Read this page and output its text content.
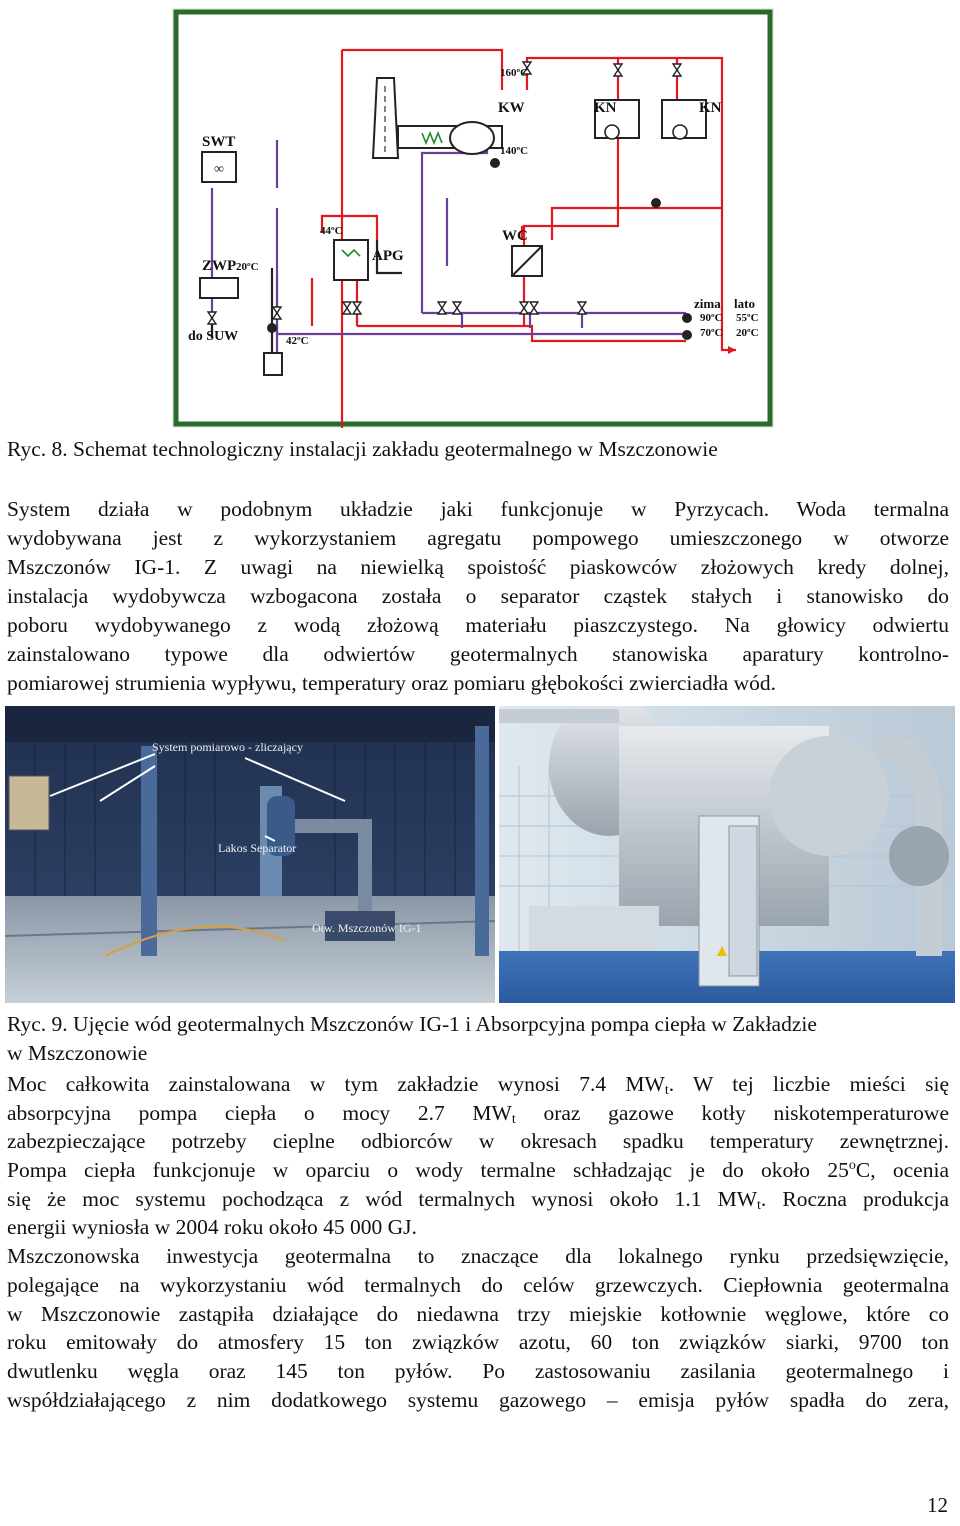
∞
SWT
ZWP 20ºC
do SUW
APG
44ºC
42ºC
KW
160ºC
140ºC
KN	KN
WC
zima lato
90ºC 55ºC
70ºC 20ºC
Ryc. 8. Schemat technologiczny instalacji zakładu geotermalnego w Mszczonowie
System działa w podobnym układzie jaki funkcjonuje w Pyrzycach. Woda termalna
wydobywana jest z wykorzystaniem agregatu pompowego umieszczonego w otworze
Mszczonów IG-1. Z uwagi na niewielką spoistość piaskowców złożowych kredy dolnej,
instalacja wydobywcza wzbogacona została o separator cząstek stałych i stanowisko do
poboru wydobywanego z wodą złożową materiału piaszczystego. Na głowicy odwiertu
zainstalowano typowe dla odwiertów geotermalnych stanowiska aparatury kontrolno-
pomiarowej strumienia wypływu, temperatury oraz pomiaru głębokości zwierciadła wód.
System pomiarowo - zliczający
Lakos Separator
Otw. Mszczonów IG-1
Ryc. 9. Ujęcie wód geotermalnych Mszczonów IG-1 i Absorpcyjna pompa ciepła w Zakładzie
w Mszczonowie
Moc całkowita zainstalowana w tym zakładzie wynosi 7.4 $MW_t$. W tej liczbie mieści się
absorpcyjna pompa ciepła o mocy 2.7 $MW_t$ oraz gazowe kotły niskotemperaturowe
zabezpieczające potrzeby cieplne odbiorców w okresach spadku temperatury zewnętrznej.
Pompa ciepła funkcjonuje w oparciu o wody termalne schładzając je do około 25$^o$C, ocenia
się że moc systemu pochodząca z wód termalnych wynosi około 1.1 $MW_t$. Roczna produkcja
energii wyniosła w 2004 roku około 45 000 GJ.
Mszczonowska inwestycja geotermalna to znaczące dla lokalnego rynku przedsięwzięcie,
polegające na wykorzystaniu wód termalnych do celów grzewczych. Ciepłownia geotermalna
w Mszczonowie zastąpiła działające do niedawna trzy miejskie kotłownie węglowe, które co
roku emitowały do atmosfery 15 ton związków azotu, 60 ton związków siarki, 9700 ton
dwutlenku węgla oraz 145 ton pyłów. Po zastosowaniu zasilania geotermalnego i
współdziałającego z nim dodatkowego systemu gazowego – emisja pyłów spadła do zera,
12
